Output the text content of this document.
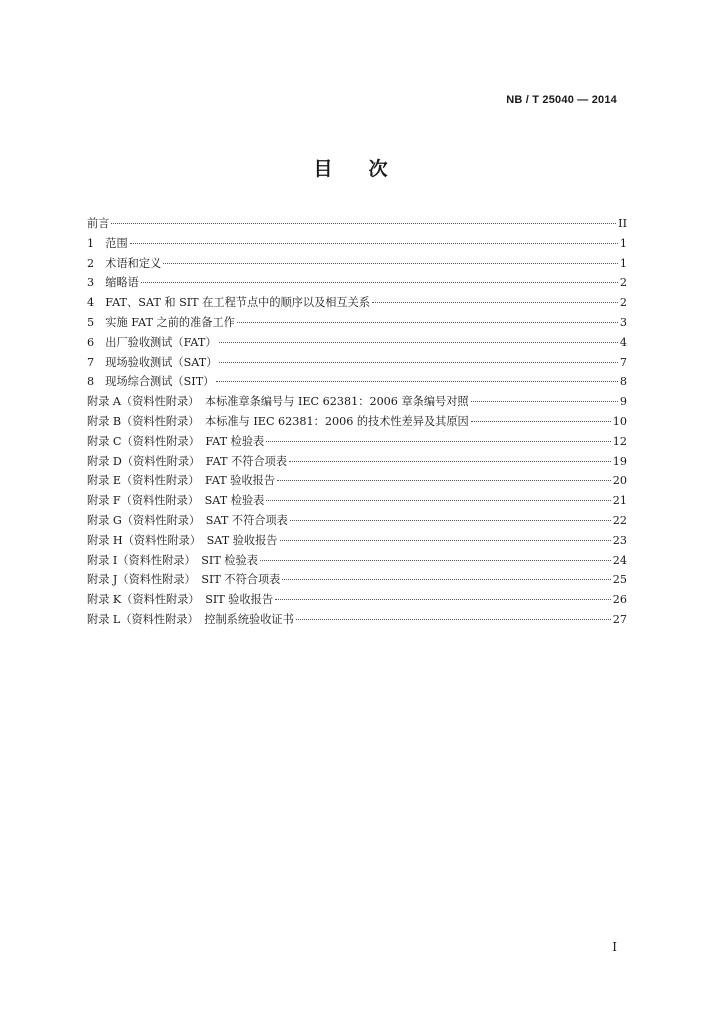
NB / T 25040 — 2014
目 次
前言	II
1　范围	1
2　术语和定义	1
3　缩略语	2
4　FAT、SAT 和 SIT 在工程节点中的顺序以及相互关系	2
5　实施 FAT 之前的准备工作	3
6　出厂验收测试（FAT）	4
7　现场验收测试（SAT）	7
8　现场综合测试（SIT）	8
附录 A（资料性附录）　本标准章条编号与 IEC 62381：2006 章条编号对照	9
附录 B（资料性附录）　本标准与 IEC 62381：2006 的技术性差异及其原因	10
附录 C（资料性附录）　FAT 检验表	12
附录 D（资料性附录）　FAT 不符合项表	19
附录 E（资料性附录）　FAT 验收报告	20
附录 F（资料性附录）　SAT 检验表	21
附录 G（资料性附录）　SAT 不符合项表	22
附录 H（资料性附录）　SAT 验收报告	23
附录 I（资料性附录）　SIT 检验表	24
附录 J（资料性附录）　SIT 不符合项表	25
附录 K（资料性附录）　SIT 验收报告	26
附录 L（资料性附录）　控制系统验收证书	27
I
